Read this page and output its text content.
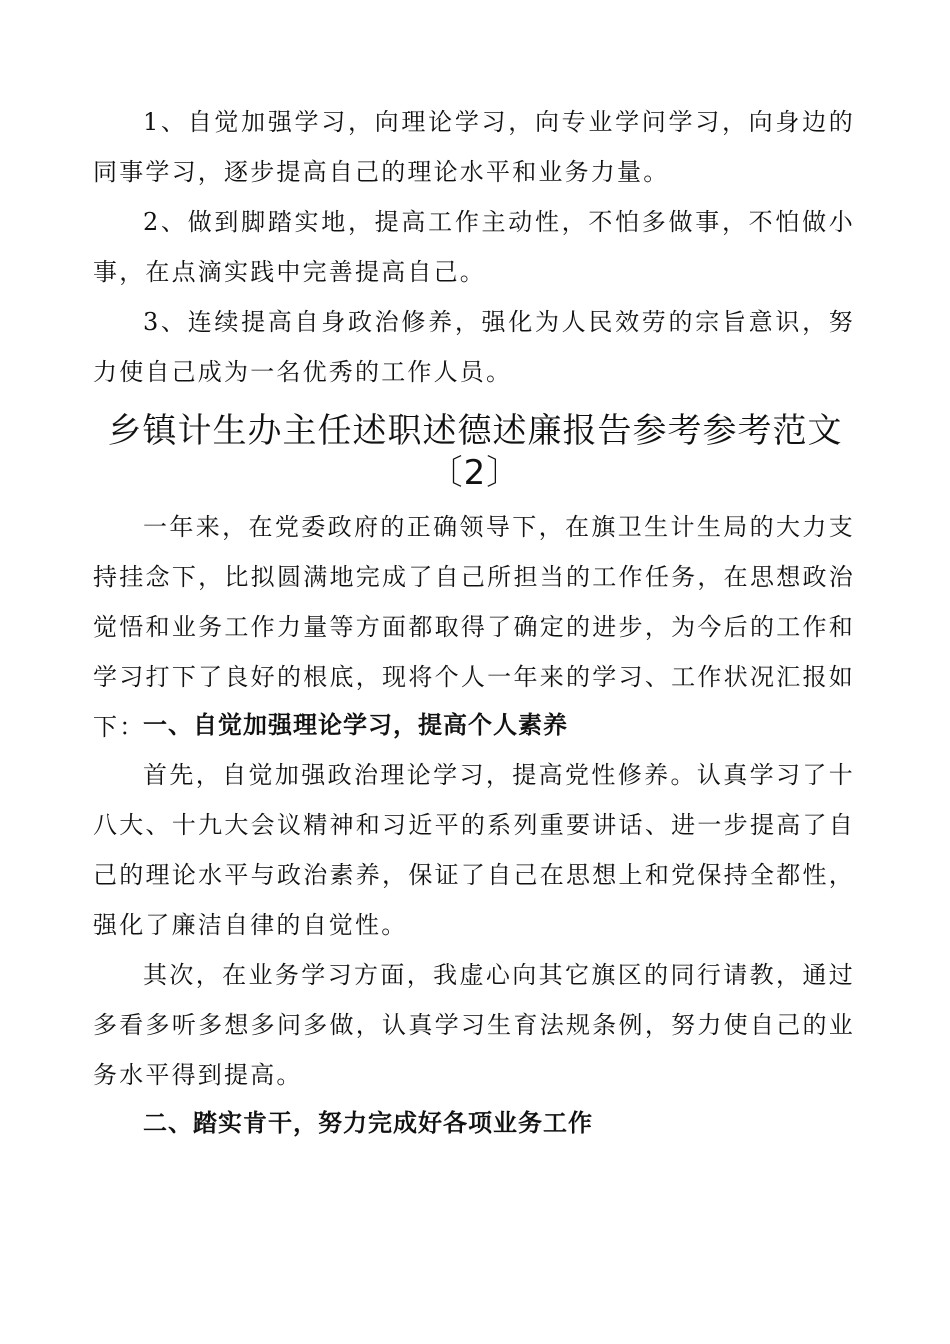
1、自觉加强学习，向理论学习，向专业学问学习，向身边的同事学习，逐步提高自己的理论水平和业务力量。

2、做到脚踏实地，提高工作主动性，不怕多做事，不怕做小事，在点滴实践中完善提高自己。

3、连续提高自身政治修养，强化为人民效劳的宗旨意识，努力使自己成为一名优秀的工作人员。

乡镇计生办主任述职述德述廉报告参考参考范文
〔2〕

一年来，在党委政府的正确领导下，在旗卫生计生局的大力支持挂念下，比拟圆满地完成了自己所担当的工作任务，在思想政治觉悟和业务工作力量等方面都取得了确定的进步，为今后的工作和学习打下了良好的根底，现将个人一年来的学习、工作状况汇报如下：

一、自觉加强理论学习，提高个人素养

首先，自觉加强政治理论学习，提高党性修养。认真学习了十八大、十九大会议精神和习近平的系列重要讲话、进一步提高了自己的理论水平与政治素养，保证了自己在思想上和党保持全都性，强化了廉洁自律的自觉性。

其次，在业务学习方面，我虚心向其它旗区的同行请教，通过多看多听多想多问多做，认真学习生育法规条例，努力使自己的业务水平得到提高。

二、踏实肯干，努力完成好各项业务工作
